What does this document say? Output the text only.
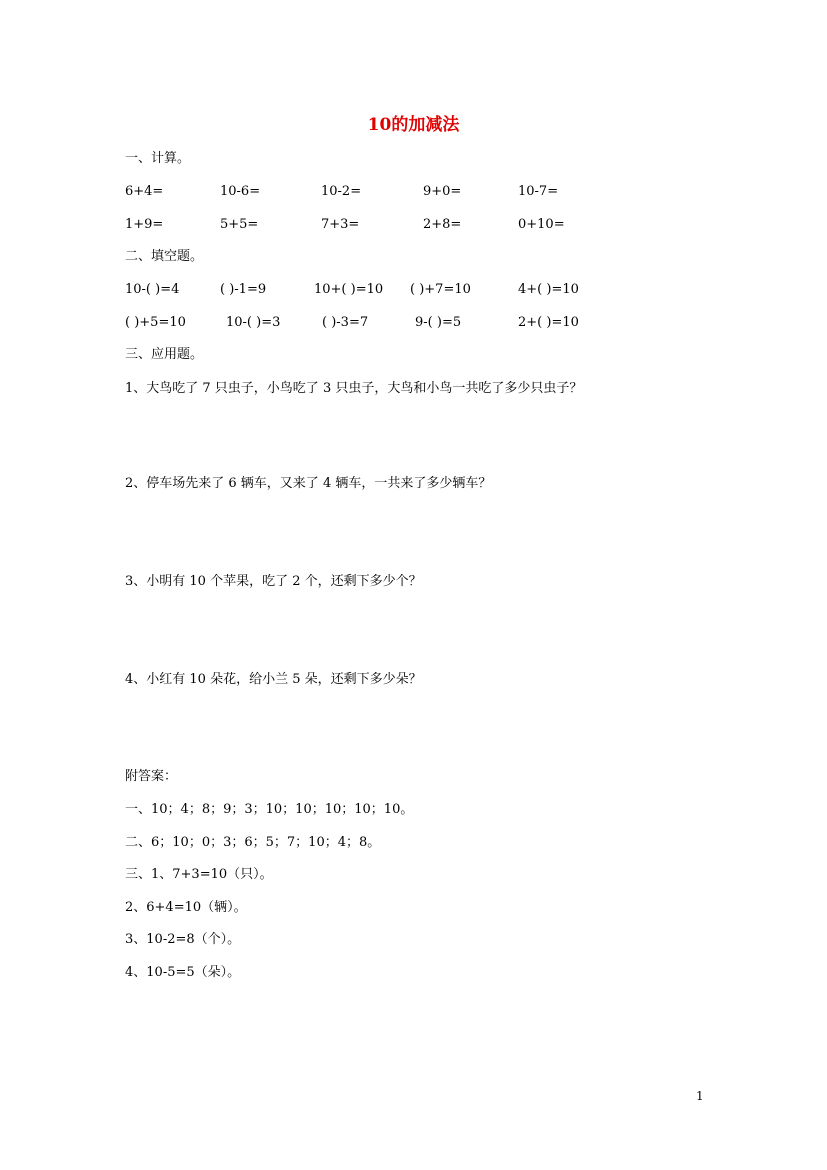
10的加减法
一、计算。
6+4=	10-6=	10-2=	9+0=	10-7=
1+9=	5+5=	7+3=	2+8=	0+10=
二、填空题。
10-( )=4	( )-1=9	10+( )=10 ( )+7=10	4+( )=10
( )+5=10	10-( )=3	( )-3=7	9-( )=5	2+( )=10
三、应用题。
1、大鸟吃了 7 只虫子，小鸟吃了 3 只虫子，大鸟和小鸟一共吃了多少只虫子？
2、停车场先来了 6 辆车，又来了 4 辆车，一共来了多少辆车？
3、小明有 10 个苹果，吃了 2 个，还剩下多少个？
4、小红有 10 朵花，给小兰 5 朵，还剩下多少朵？
附答案：
一、10；4；8；9；3；10；10；10；10；10。
二、6；10；0；3；6；5；7；10；4；8。
三、1、7+3=10（只）。
2、6+4=10（辆）。
3、10-2=8（个）。
4、10-5=5（朵）。
1
